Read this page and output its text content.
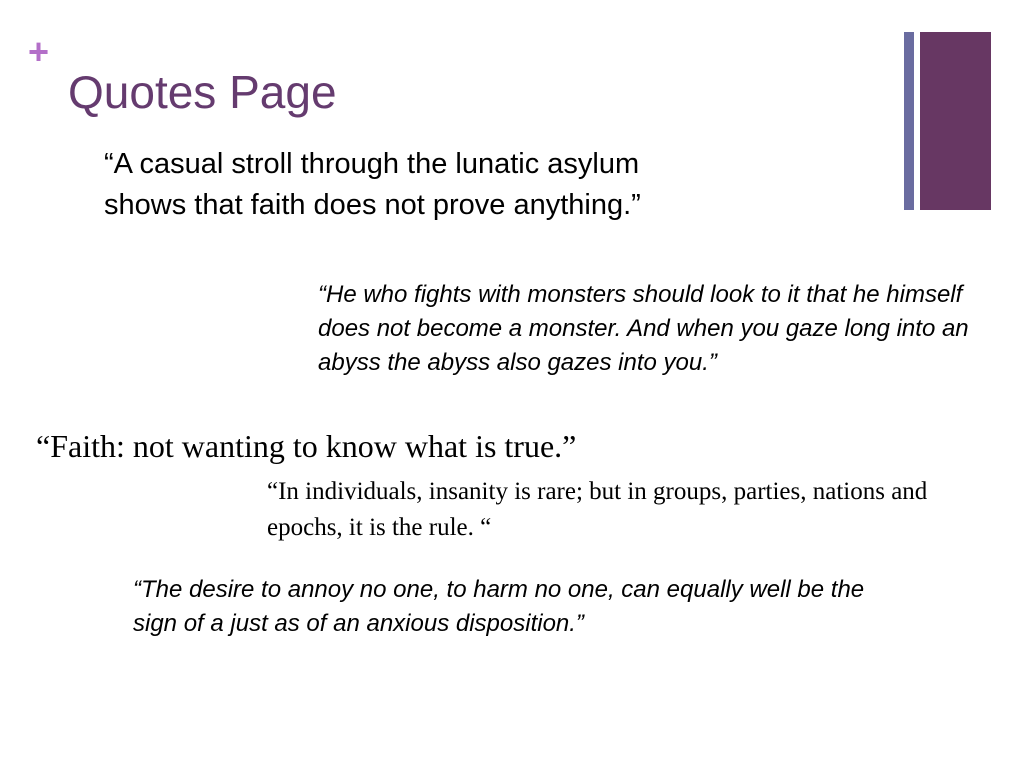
+
Quotes Page

“A casual stroll through the lunatic asylum shows that faith does not prove anything.”

“He who fights with monsters should look to it that he himself does not become a monster. And when you gaze long into an abyss the abyss also gazes into you.”

“Faith: not wanting to know what is true.”

“In individuals, insanity is rare; but in groups, parties, nations and epochs, it is the rule. “

“The desire to annoy no one, to harm no one, can equally well be the sign of a just as of an anxious disposition.”
